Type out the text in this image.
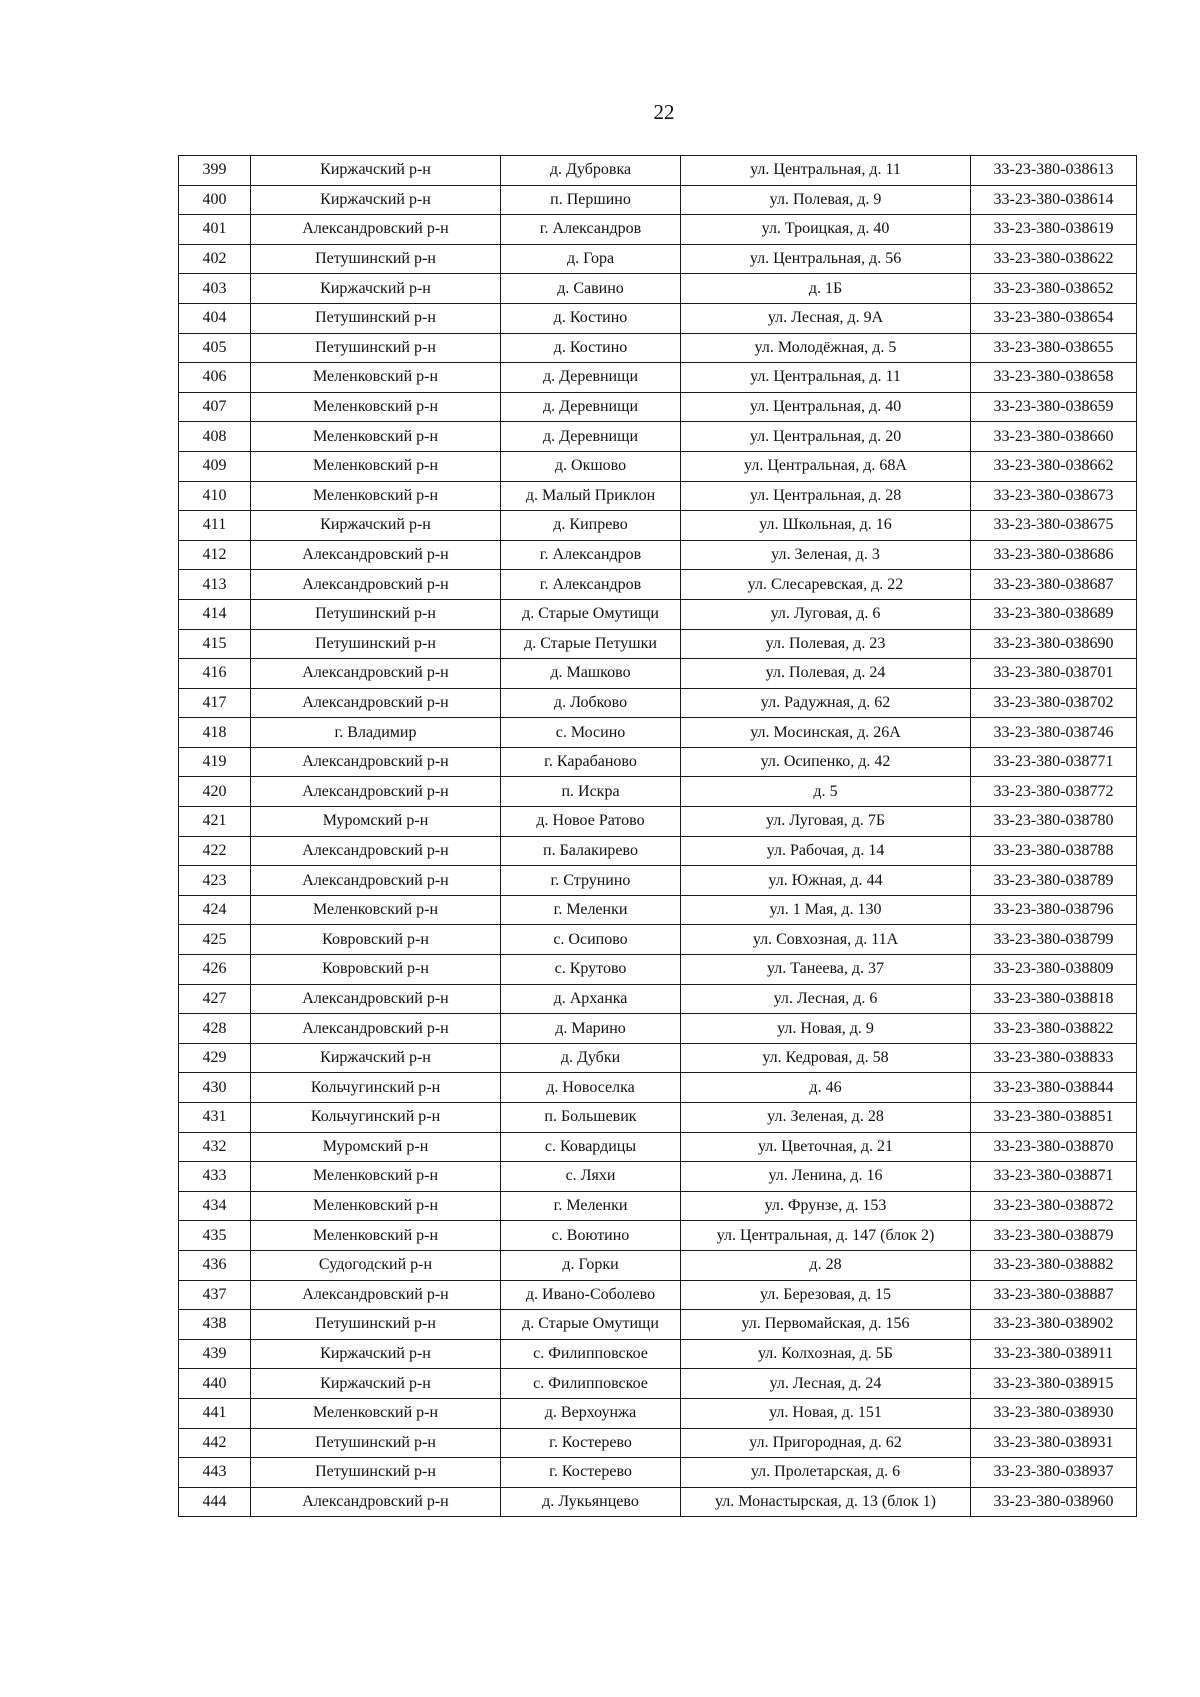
22
399	Киржачский р-н	д. Дубровка	ул. Центральная, д. 11	33-23-380-038613
400	Киржачский р-н	п. Першино	ул. Полевая, д. 9	33-23-380-038614
401	Александровский р-н	г. Александров	ул. Троицкая, д. 40	33-23-380-038619
402	Петушинский р-н	д. Гора	ул. Центральная, д. 56	33-23-380-038622
403	Киржачский р-н	д. Савино	д. 1Б	33-23-380-038652
404	Петушинский р-н	д. Костино	ул. Лесная, д. 9А	33-23-380-038654
405	Петушинский р-н	д. Костино	ул. Молодёжная, д. 5	33-23-380-038655
406	Меленковский р-н	д. Деревнищи	ул. Центральная, д. 11	33-23-380-038658
407	Меленковский р-н	д. Деревнищи	ул. Центральная, д. 40	33-23-380-038659
408	Меленковский р-н	д. Деревнищи	ул. Центральная, д. 20	33-23-380-038660
409	Меленковский р-н	д. Окшово	ул. Центральная, д. 68А	33-23-380-038662
410	Меленковский р-н	д. Малый Приклон	ул. Центральная, д. 28	33-23-380-038673
411	Киржачский р-н	д. Кипрево	ул. Школьная, д. 16	33-23-380-038675
412	Александровский р-н	г. Александров	ул. Зеленая, д. 3	33-23-380-038686
413	Александровский р-н	г. Александров	ул. Слесаревская, д. 22	33-23-380-038687
414	Петушинский р-н	д. Старые Омутищи	ул. Луговая, д. 6	33-23-380-038689
415	Петушинский р-н	д. Старые Петушки	ул. Полевая, д. 23	33-23-380-038690
416	Александровский р-н	д. Машково	ул. Полевая, д. 24	33-23-380-038701
417	Александровский р-н	д. Лобково	ул. Радужная, д. 62	33-23-380-038702
418	г. Владимир	с. Мосино	ул. Мосинская, д. 26А	33-23-380-038746
419	Александровский р-н	г. Карабаново	ул. Осипенко, д. 42	33-23-380-038771
420	Александровский р-н	п. Искра	д. 5	33-23-380-038772
421	Муромский р-н	д. Новое Ратово	ул. Луговая, д. 7Б	33-23-380-038780
422	Александровский р-н	п. Балакирево	ул. Рабочая, д. 14	33-23-380-038788
423	Александровский р-н	г. Струнино	ул. Южная, д. 44	33-23-380-038789
424	Меленковский р-н	г. Меленки	ул. 1 Мая, д. 130	33-23-380-038796
425	Ковровский р-н	с. Осипово	ул. Совхозная, д. 11А	33-23-380-038799
426	Ковровский р-н	с. Крутово	ул. Танеева, д. 37	33-23-380-038809
427	Александровский р-н	д. Арханка	ул. Лесная, д. 6	33-23-380-038818
428	Александровский р-н	д. Марино	ул. Новая, д. 9	33-23-380-038822
429	Киржачский р-н	д. Дубки	ул. Кедровая, д. 58	33-23-380-038833
430	Кольчугинский р-н	д. Новоселка	д. 46	33-23-380-038844
431	Кольчугинский р-н	п. Большевик	ул. Зеленая, д. 28	33-23-380-038851
432	Муромский р-н	с. Ковардицы	ул. Цветочная, д. 21	33-23-380-038870
433	Меленковский р-н	с. Ляхи	ул. Ленина, д. 16	33-23-380-038871
434	Меленковский р-н	г. Меленки	ул. Фрунзе, д. 153	33-23-380-038872
435	Меленковский р-н	с. Воютино	ул. Центральная, д. 147 (блок 2)	33-23-380-038879
436	Судогодский р-н	д. Горки	д. 28	33-23-380-038882
437	Александровский р-н	д. Ивано-Соболево	ул. Березовая, д. 15	33-23-380-038887
438	Петушинский р-н	д. Старые Омутищи	ул. Первомайская, д. 156	33-23-380-038902
439	Киржачский р-н	с. Филипповское	ул. Колхозная, д. 5Б	33-23-380-038911
440	Киржачский р-н	с. Филипповское	ул. Лесная, д. 24	33-23-380-038915
441	Меленковский р-н	д. Верхоунжа	ул. Новая, д. 151	33-23-380-038930
442	Петушинский р-н	г. Костерево	ул. Пригородная, д. 62	33-23-380-038931
443	Петушинский р-н	г. Костерево	ул. Пролетарская, д. 6	33-23-380-038937
444	Александровский р-н	д. Лукьянцево	ул. Монастырская, д. 13 (блок 1)	33-23-380-038960
